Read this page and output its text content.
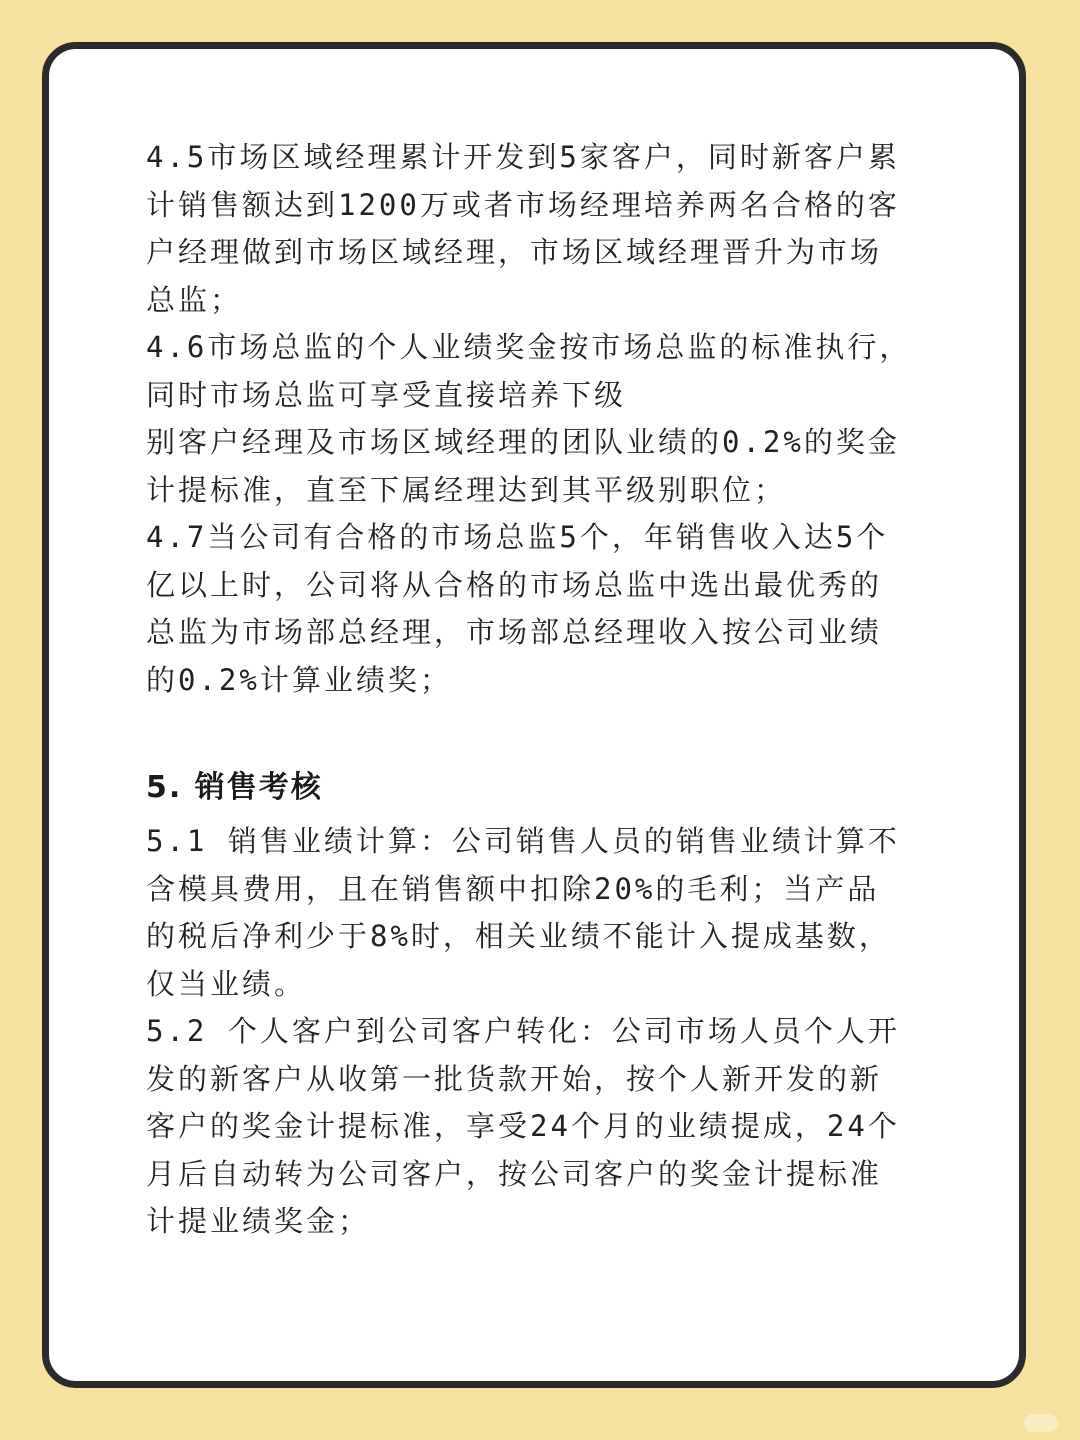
4.5市场区域经理累计开发到5家客户，同时新客户累
计销售额达到1200万或者市场经理培养两名合格的客
户经理做到市场区域经理，市场区域经理晋升为市场
总监；

4.6市场总监的个人业绩奖金按市场总监的标准执行，
同时市场总监可享受直接培养下级
别客户经理及市场区域经理的团队业绩的0.2%的奖金
计提标准，直至下属经理达到其平级别职位；

4.7当公司有合格的市场总监5个，年销售收入达5个
亿以上时，公司将从合格的市场总监中选出最优秀的
总监为市场部总经理，市场部总经理收入按公司业绩
的0.2%计算业绩奖；

5. 销售考核

5.1 销售业绩计算：公司销售人员的销售业绩计算不
含模具费用，且在销售额中扣除20%的毛利；当产品
的税后净利少于8%时，相关业绩不能计入提成基数，
仅当业绩。

5.2 个人客户到公司客户转化：公司市场人员个人开
发的新客户从收第一批货款开始，按个人新开发的新
客户的奖金计提标准，享受24个月的业绩提成，24个
月后自动转为公司客户，按公司客户的奖金计提标准
计提业绩奖金；
